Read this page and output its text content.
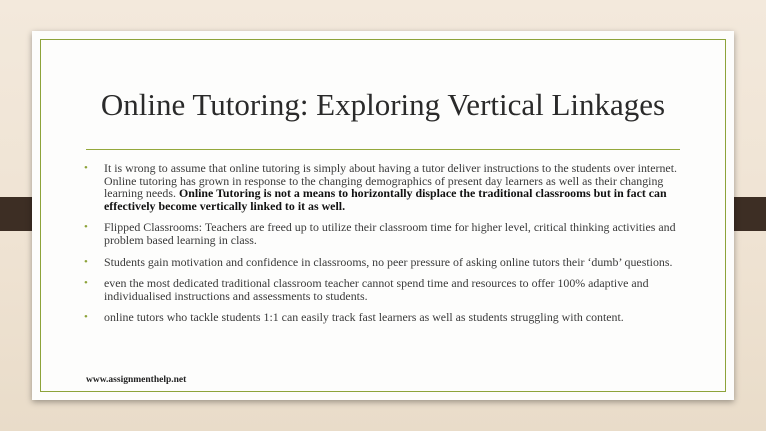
Online Tutoring: Exploring Vertical Linkages
• It is wrong to assume that online tutoring is simply about having a tutor deliver instructions to the students over internet. Online tutoring has grown in response to the changing demographics of present day learners as well as their changing learning needs. Online Tutoring is not a means to horizontally displace the traditional classrooms but in fact can effectively become vertically linked to it as well.
• Flipped Classrooms: Teachers are freed up to utilize their classroom time for higher level, critical thinking activities and problem based learning in class.
• Students gain motivation and confidence in classrooms, no peer pressure of asking online tutors their ‘dumb’ questions.
• even the most dedicated traditional classroom teacher cannot spend time and resources to offer 100% adaptive and individualised instructions and assessments to students.
• online tutors who tackle students 1:1 can easily track fast learners as well as students struggling with content.
www.assignmenthelp.net
